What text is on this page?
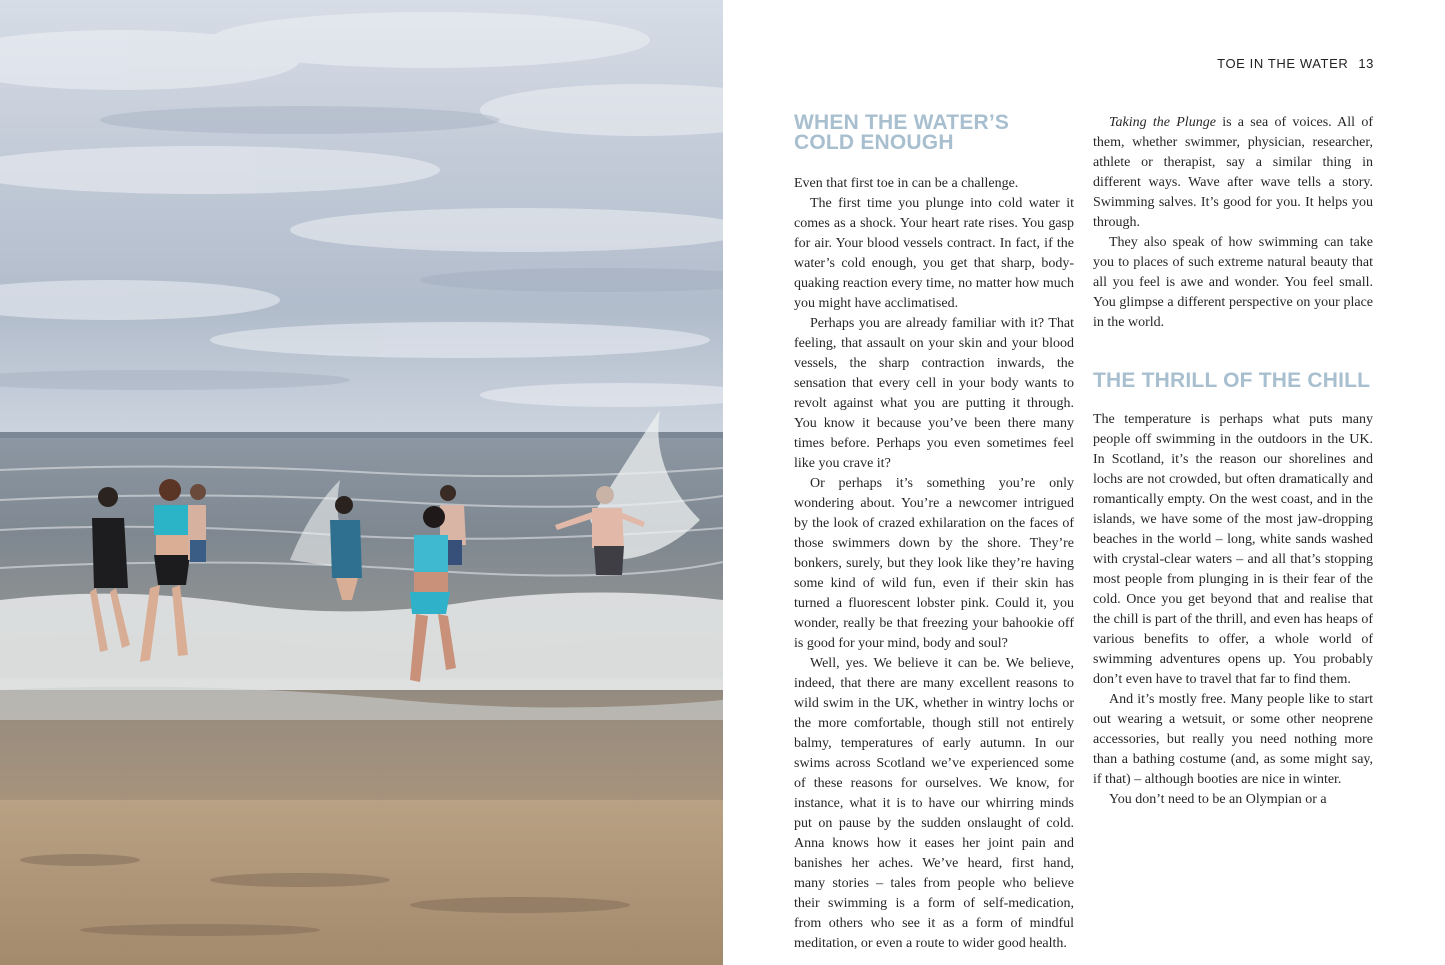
TOE IN THE WATER 13
WHEN THE WATER’S COLD ENOUGH

Even that first toe in can be a challenge.

The first time you plunge into cold water it comes as a shock. Your heart rate rises. You gasp for air. Your blood vessels contract. In fact, if the water’s cold enough, you get that sharp, body-quaking reaction every time, no matter how much you might have acclimatised.

Perhaps you are already familiar with it? That feeling, that assault on your skin and your blood vessels, the sharp contraction inwards, the sensation that every cell in your body wants to revolt against what you are putting it through. You know it because you’ve been there many times before. Perhaps you even sometimes feel like you crave it?

Or perhaps it’s something you’re only wondering about. You’re a newcomer intrigued by the look of crazed exhilaration on the faces of those swimmers down by the shore. They’re bonkers, surely, but they look like they’re having some kind of wild fun, even if their skin has turned a fluorescent lobster pink. Could it, you wonder, really be that freezing your bahookie off is good for your mind, body and soul?

Well, yes. We believe it can be. We believe, indeed, that there are many excellent reasons to wild swim in the UK, whether in wintry lochs or the more comfortable, though still not entirely balmy, temperatures of early autumn. In our swims across Scotland we’ve experienced some of these reasons for ourselves. We know, for instance, what it is to have our whirring minds put on pause by the sudden onslaught of cold. Anna knows how it eases her joint pain and banishes her aches. We’ve heard, first hand, many stories – tales from people who believe their swimming is a form of self-medication, from others who see it as a form of mindful meditation, or even a route to wider good health.

Taking the Plunge is a sea of voices. All of them, whether swimmer, physician, researcher, athlete or therapist, say a similar thing in different ways. Wave after wave tells a story. Swimming salves. It’s good for you. It helps you through.

They also speak of how swimming can take you to places of such extreme natural beauty that all you feel is awe and wonder. You feel small. You glimpse a different perspective on your place in the world.

THE THRILL OF THE CHILL

The temperature is perhaps what puts many people off swimming in the outdoors in the UK. In Scotland, it’s the reason our shorelines and lochs are not crowded, but often dramatically and romantically empty. On the west coast, and in the islands, we have some of the most jaw-dropping beaches in the world – long, white sands washed with crystal-clear waters – and all that’s stopping most people from plunging in is their fear of the cold. Once you get beyond that and realise that the chill is part of the thrill, and even has heaps of various benefits to offer, a whole world of swimming adventures opens up. You probably don’t even have to travel that far to find them.

And it’s mostly free. Many people like to start out wearing a wetsuit, or some other neoprene accessories, but really you need nothing more than a bathing costume (and, as some might say, if that) – although booties are nice in winter.

You don’t need to be an Olympian or a
